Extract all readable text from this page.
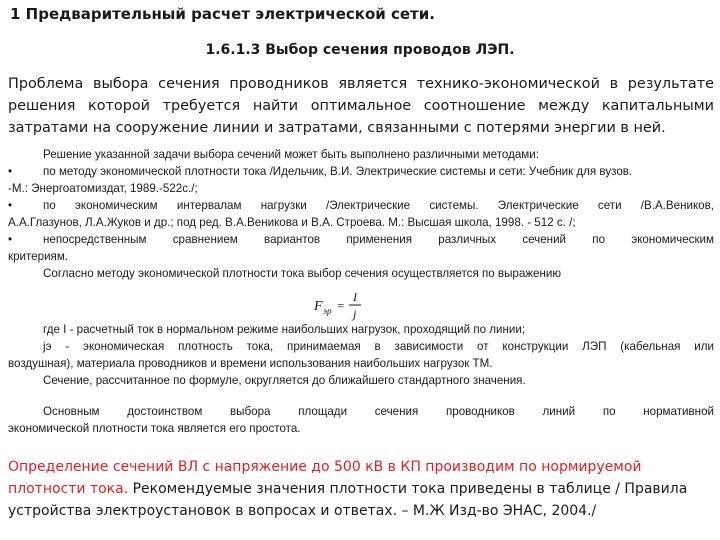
1 Предварительный расчет электрической сети.
1.6.1.3 Выбор сечения проводов ЛЭП.
Проблема выбора сечения проводников является технико-экономической в результате
решения которой требуется найти оптимальное соотношение между капитальными
затратами на сооружение линии и затратами, связанными с потерями энергии в ней.
Решение указанной задачи выбора сечений может быть выполнено различными методами:
•	по методу экономической плотности тока /Идельчик, В.И. Электрические системы и сети: Учебник для вузов.
-М.: Энергоатомиздат, 1989.-522с./;
•	по экономическим интервалам нагрузки /Электрические системы. Электрические сети /В.А.Веников,
А.А.Глазунов, Л.А.Жуков и др.; под ред. В.А.Веникова и В.А. Строева. М.: Высшая школа, 1998. - 512 с. /;
•	непосредственным сравнением вариантов применения различных сечений по экономическим
критериям.
Согласно методу экономической плотности тока выбор сечения осуществляется по выражению
F эр =
I
j
где I - расчетный ток в нормальном режиме наибольших нагрузок, проходящий по линии;
jэ - экономическая плотность тока, принимаемая в зависимости от конструкции ЛЭП (кабельная или
воздушная), материала проводников и времени использования наибольших нагрузок TM.
Сечение, рассчитанное по формуле, округляется до ближайшего стандартного значения.
Основным достоинством выбора площади сечения проводников линий по нормативной
экономической плотности тока является его простота.
Определение сечений ВЛ с напряжение до 500 кВ в КП производим по нормируемой
плотности тока. Рекомендуемые значения плотности тока приведены в таблице / Правила
устройства электроустановок в вопросах и ответах. – М.Ж Изд-во ЭНАС, 2004./
